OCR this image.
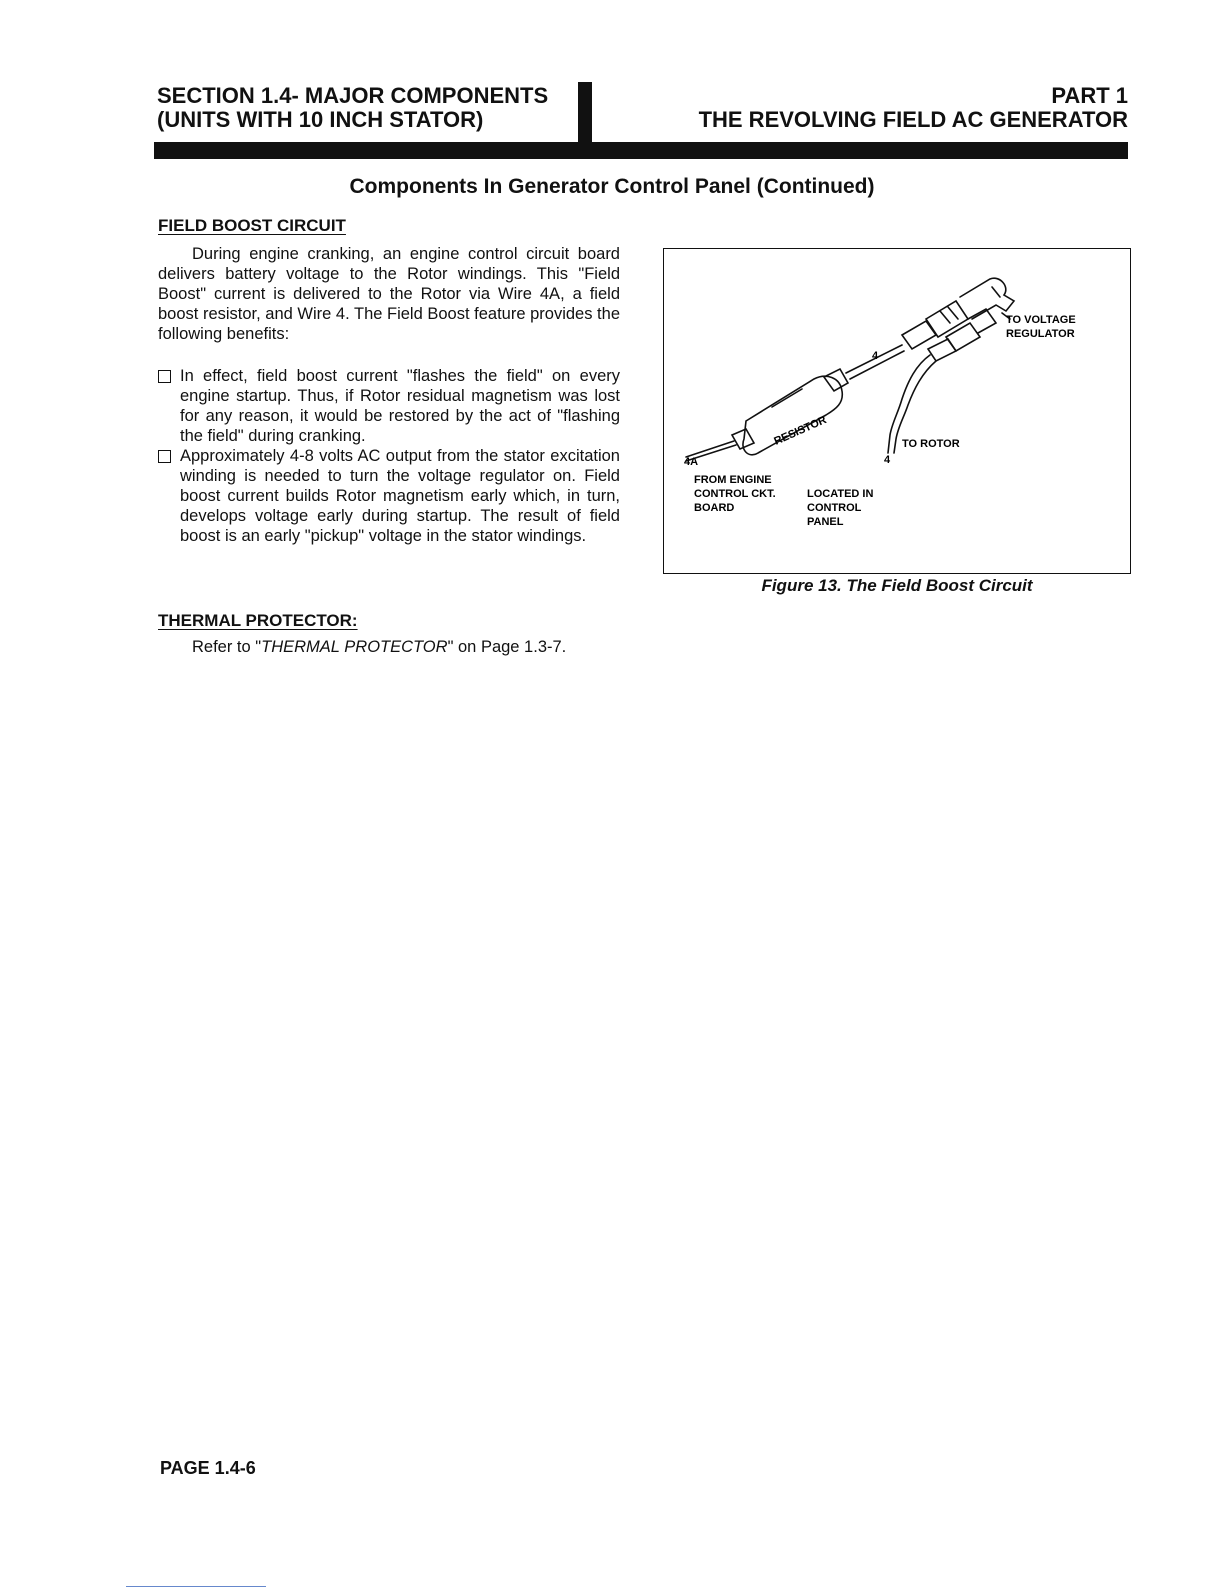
SECTION 1.4- MAJOR COMPONENTS
(UNITS WITH 10 INCH STATOR)
PART 1
THE REVOLVING FIELD AC GENERATOR
Components In Generator Control Panel (Continued)
FIELD BOOST CIRCUIT
During engine cranking, an engine control circuit board delivers battery voltage to the Rotor windings. This "Field Boost" current is delivered to the Rotor via Wire 4A, a field boost resistor, and Wire 4. The Field Boost feature provides the following benefits:
In effect, field boost current "flashes the field" on every engine startup. Thus, if Rotor residual magnetism was lost for any reason, it would be restored by the act of "flashing the field" during cranking.
Approximately 4-8 volts AC output from the stator excitation winding is needed to turn the voltage regulator on. Field boost current builds Rotor magnetism early which, in turn, develops voltage early during startup. The result of field boost is an early "pickup" voltage in the stator windings.
THERMAL PROTECTOR:
Refer to "THERMAL PROTECTOR" on Page 1.3-7.
TO VOLTAGE
REGULATOR
TO ROTOR
4
4
RESISTOR
4A
FROM ENGINE
CONTROL CKT.
BOARD
LOCATED IN
CONTROL
PANEL
Figure 13. The Field Boost Circuit
PAGE 1.4-6
